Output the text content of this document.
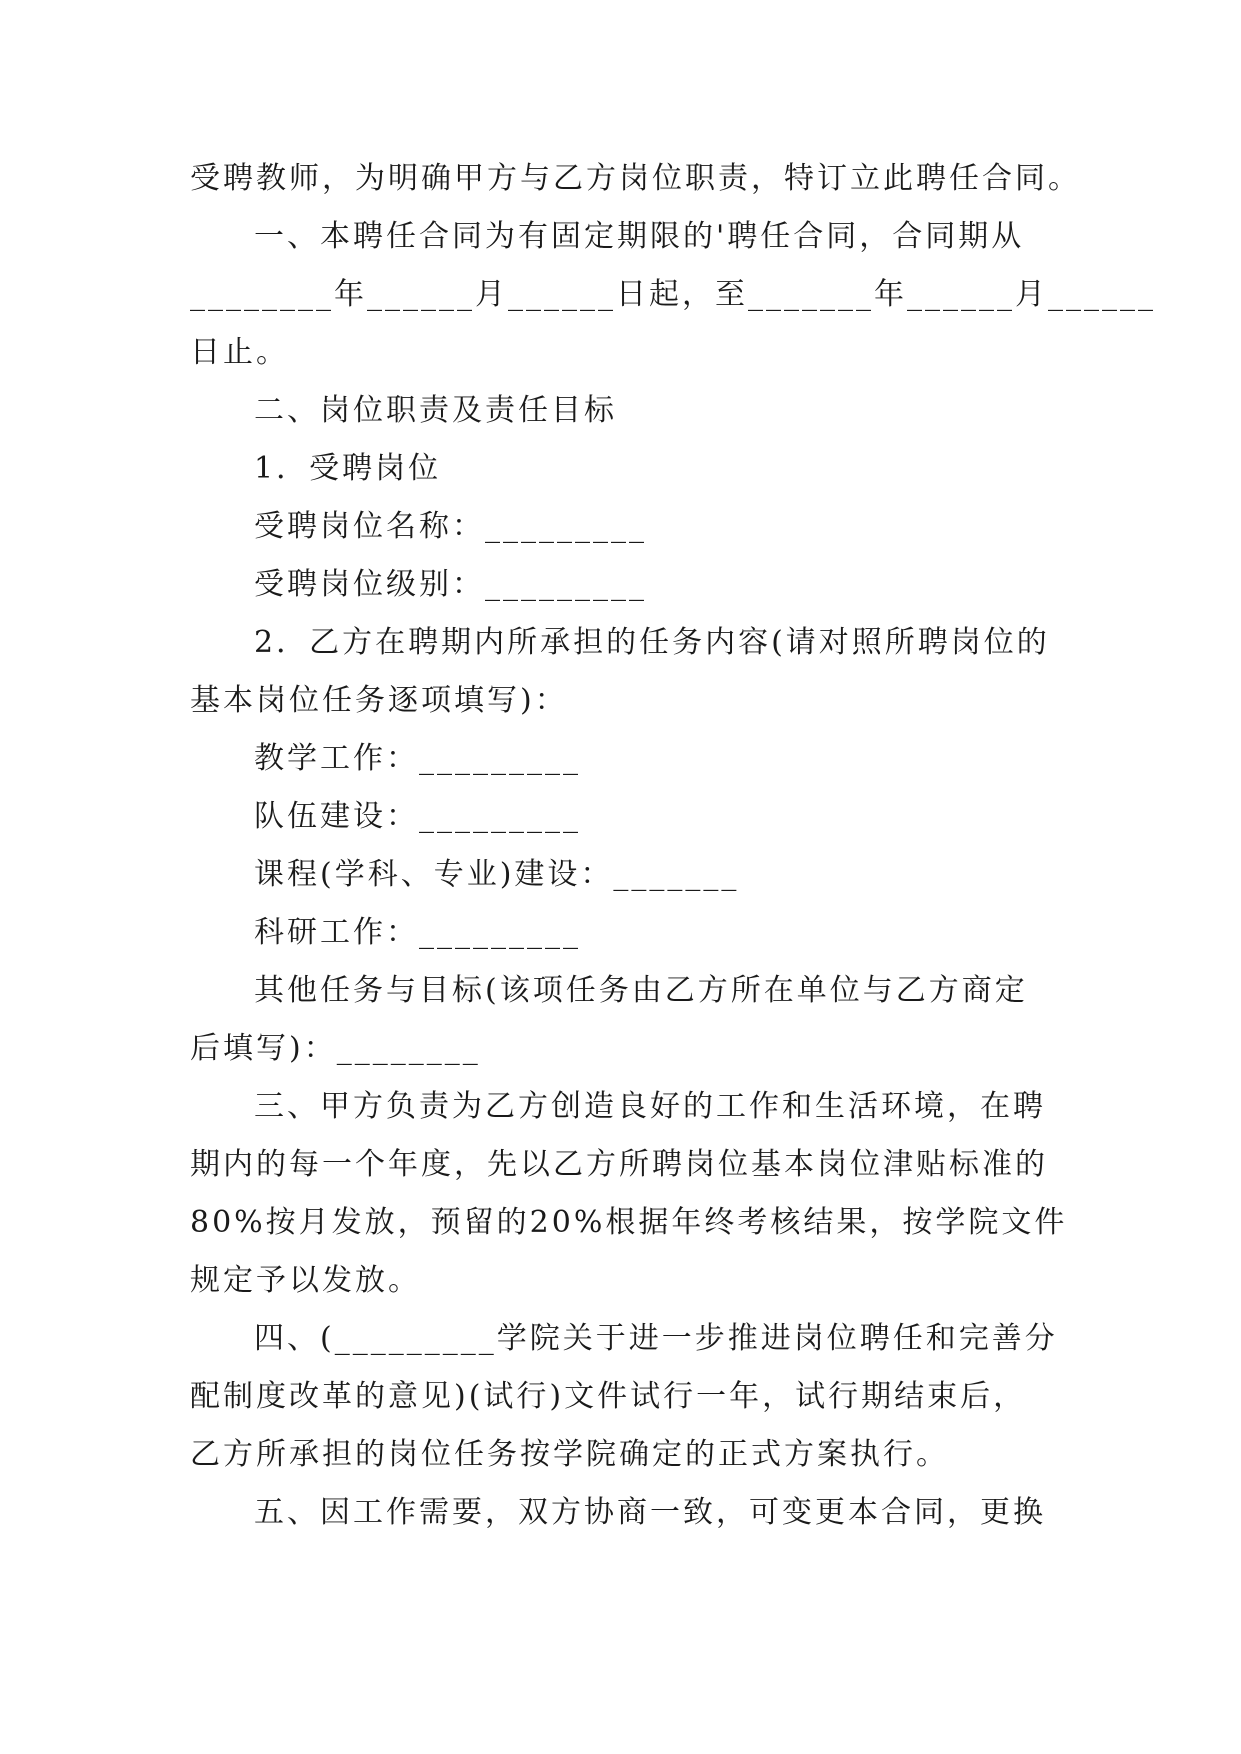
受聘教师，为明确甲方与乙方岗位职责，特订立此聘任合同。
一、本聘任合同为有固定期限的'聘任合同，合同期从
________年______月______日起，至_______年______月______
日止。
二、岗位职责及责任目标
1．受聘岗位
受聘岗位名称：_________
受聘岗位级别：_________
2．乙方在聘期内所承担的任务内容(请对照所聘岗位的
基本岗位任务逐项填写)：
教学工作：_________
队伍建设：_________
课程(学科、专业)建设：_______
科研工作：_________
其他任务与目标(该项任务由乙方所在单位与乙方商定
后填写)：________
三、甲方负责为乙方创造良好的工作和生活环境，在聘
期内的每一个年度，先以乙方所聘岗位基本岗位津贴标准的
80%按月发放，预留的20%根据年终考核结果，按学院文件
规定予以发放。
四、(_________学院关于进一步推进岗位聘任和完善分
配制度改革的意见)(试行)文件试行一年，试行期结束后，
乙方所承担的岗位任务按学院确定的正式方案执行。
五、因工作需要，双方协商一致，可变更本合同，更换
